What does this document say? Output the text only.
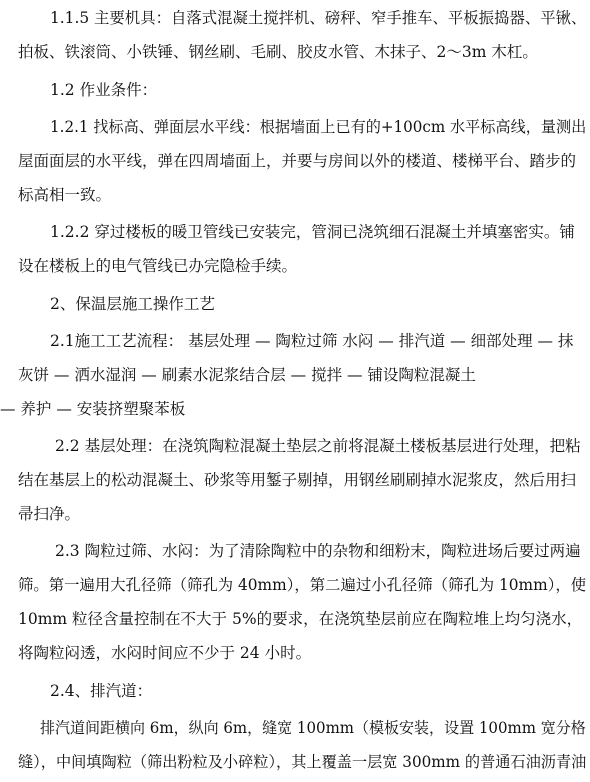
1.1.5 主要机具：自落式混凝土搅拌机、磅秤、窄手推车、平板振捣器、平锹、
拍板、铁滚筒、小铁锤、钢丝刷、毛刷、胶皮水管、木抹子、2～3m 木杠。
1.2 作业条件：
1.2.1 找标高、弹面层水平线：根据墙面上已有的+100cm 水平标高线，量测出
屋面面层的水平线，弹在四周墙面上，并要与房间以外的楼道、楼梯平台、踏步的
标高相一致。
1.2.2 穿过楼板的暖卫管线已安装完，管洞已浇筑细石混凝土并填塞密实。铺
设在楼板上的电气管线已办完隐检手续。
2、保温层施工操作工艺
2.1施工工艺流程： 基层处理 — 陶粒过筛 水闷 — 排汽道 — 细部处理 — 抹
灰饼 — 洒水湿润 — 刷素水泥浆结合层 — 搅拌 — 铺设陶粒混凝土
— 养护 — 安装挤塑聚苯板
2.2 基层处理：在浇筑陶粒混凝土垫层之前将混凝土楼板基层进行处理，把粘
结在基层上的松动混凝土、砂浆等用錾子剔掉，用钢丝刷刷掉水泥浆皮，然后用扫
帚扫净。
2.3 陶粒过筛、水闷：为了清除陶粒中的杂物和细粉末，陶粒进场后要过两遍
筛。第一遍用大孔径筛（筛孔为 40mm），第二遍过小孔径筛（筛孔为 10mm），使
10mm 粒径含量控制在不大于 5%的要求，在浇筑垫层前应在陶粒堆上均匀浇水，
将陶粒闷透，水闷时间应不少于 24 小时。
2.4、排汽道：
排汽道间距横向 6m，纵向 6m，缝宽 100mm（模板安装，设置 100mm 宽分格
缝），中间填陶粒（筛出粉粒及小碎粒），其上覆盖一层宽 300mm 的普通石油沥青油
